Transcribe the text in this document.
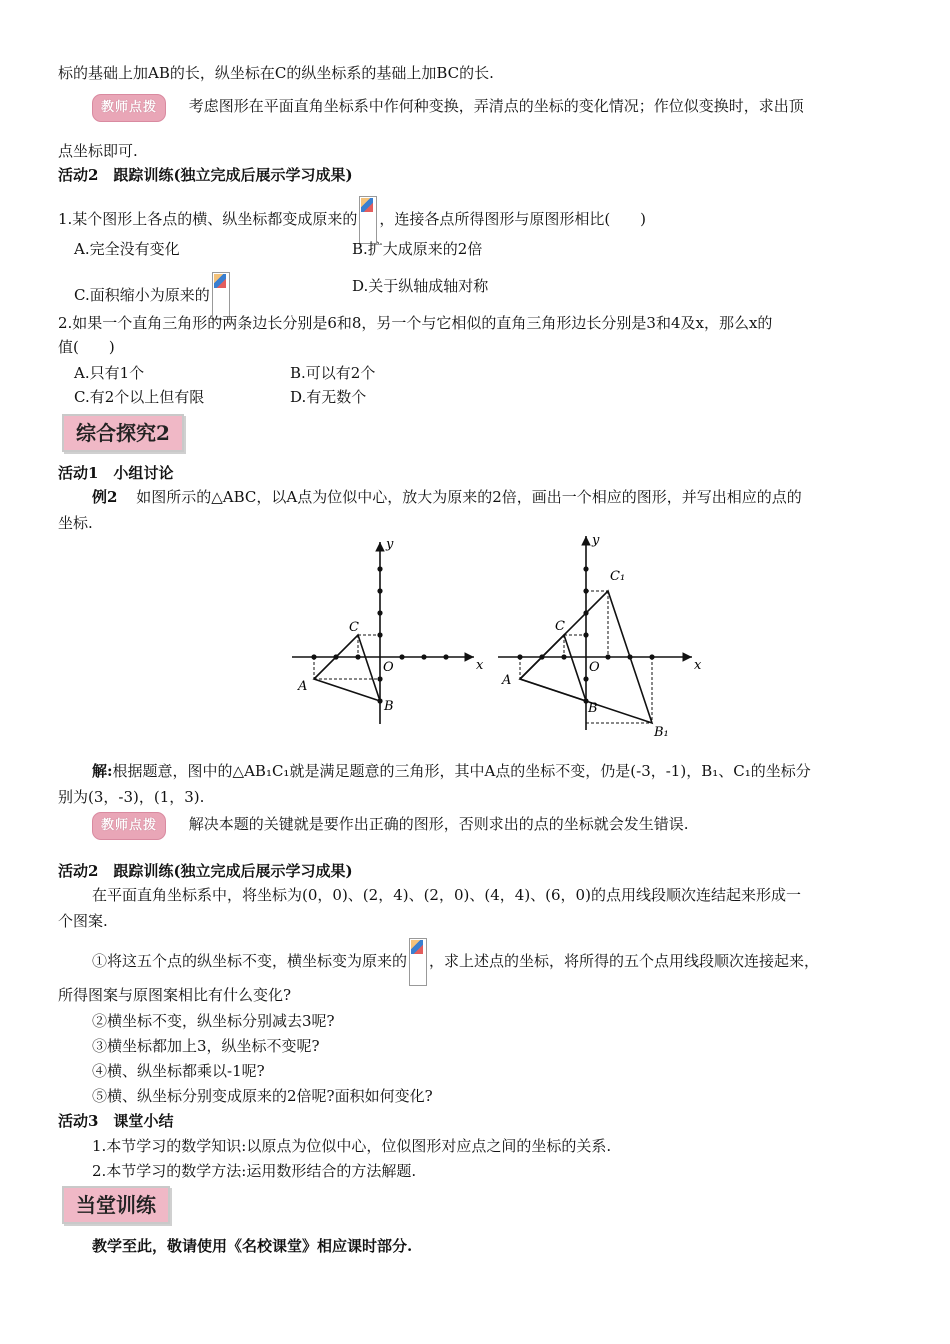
标的基础上加AB的长，纵坐标在C的纵坐标系的基础上加BC的长.
教师点拨 考虑图形在平面直角坐标系中作何种变换，弄清点的坐标的变化情况；作位似变换时，求出顶
点坐标即可.
活动2　跟踪训练(独立完成后展示学习成果)
1.某个图形上各点的横、纵坐标都变成原来的 ，连接各点所得图形与原图形相比(　　)
A.完全没有变化	B.扩大成原来的2倍
C.面积缩小为原来的	D.关于纵轴成轴对称
2.如果一个直角三角形的两条边长分别是6和8，另一个与它相似的直角三角形边长分别是3和4及x，那么x的
值(　　)
A.只有1个	B.可以有2个
C.有2个以上但有限	D.有无数个
综合探究2
活动1　小组讨论
例2 如图所示的△ABC，以A点为位似中心，放大为原来的2倍，画出一个相应的图形，并写出相应的点的
坐标.
y
x
O
A
B
C
y
x
O
A
B
C
C₁
B₁
解:根据题意，图中的△AB₁C₁就是满足题意的三角形，其中A点的坐标不变，仍是(-3，-1)，B₁、C₁的坐标分
别为(3，-3)，(1，3).
教师点拨 解决本题的关键就是要作出正确的图形，否则求出的点的坐标就会发生错误.
活动2　跟踪训练(独立完成后展示学习成果)
在平面直角坐标系中，将坐标为(0，0)、(2，4)、(2，0)、(4，4)、(6，0)的点用线段顺次连结起来形成一
个图案.
①将这五个点的纵坐标不变，横坐标变为原来的 ，求上述点的坐标，将所得的五个点用线段顺次连接起来，
所得图案与原图案相比有什么变化?
②横坐标不变，纵坐标分别减去3呢?
③横坐标都加上3，纵坐标不变呢?
④横、纵坐标都乘以-1呢?
⑤横、纵坐标分别变成原来的2倍呢?面积如何变化?
活动3　课堂小结
1.本节学习的数学知识:以原点为位似中心，位似图形对应点之间的坐标的关系.
2.本节学习的数学方法:运用数形结合的方法解题.
当堂训练
教学至此，敬请使用《名校课堂》相应课时部分.
